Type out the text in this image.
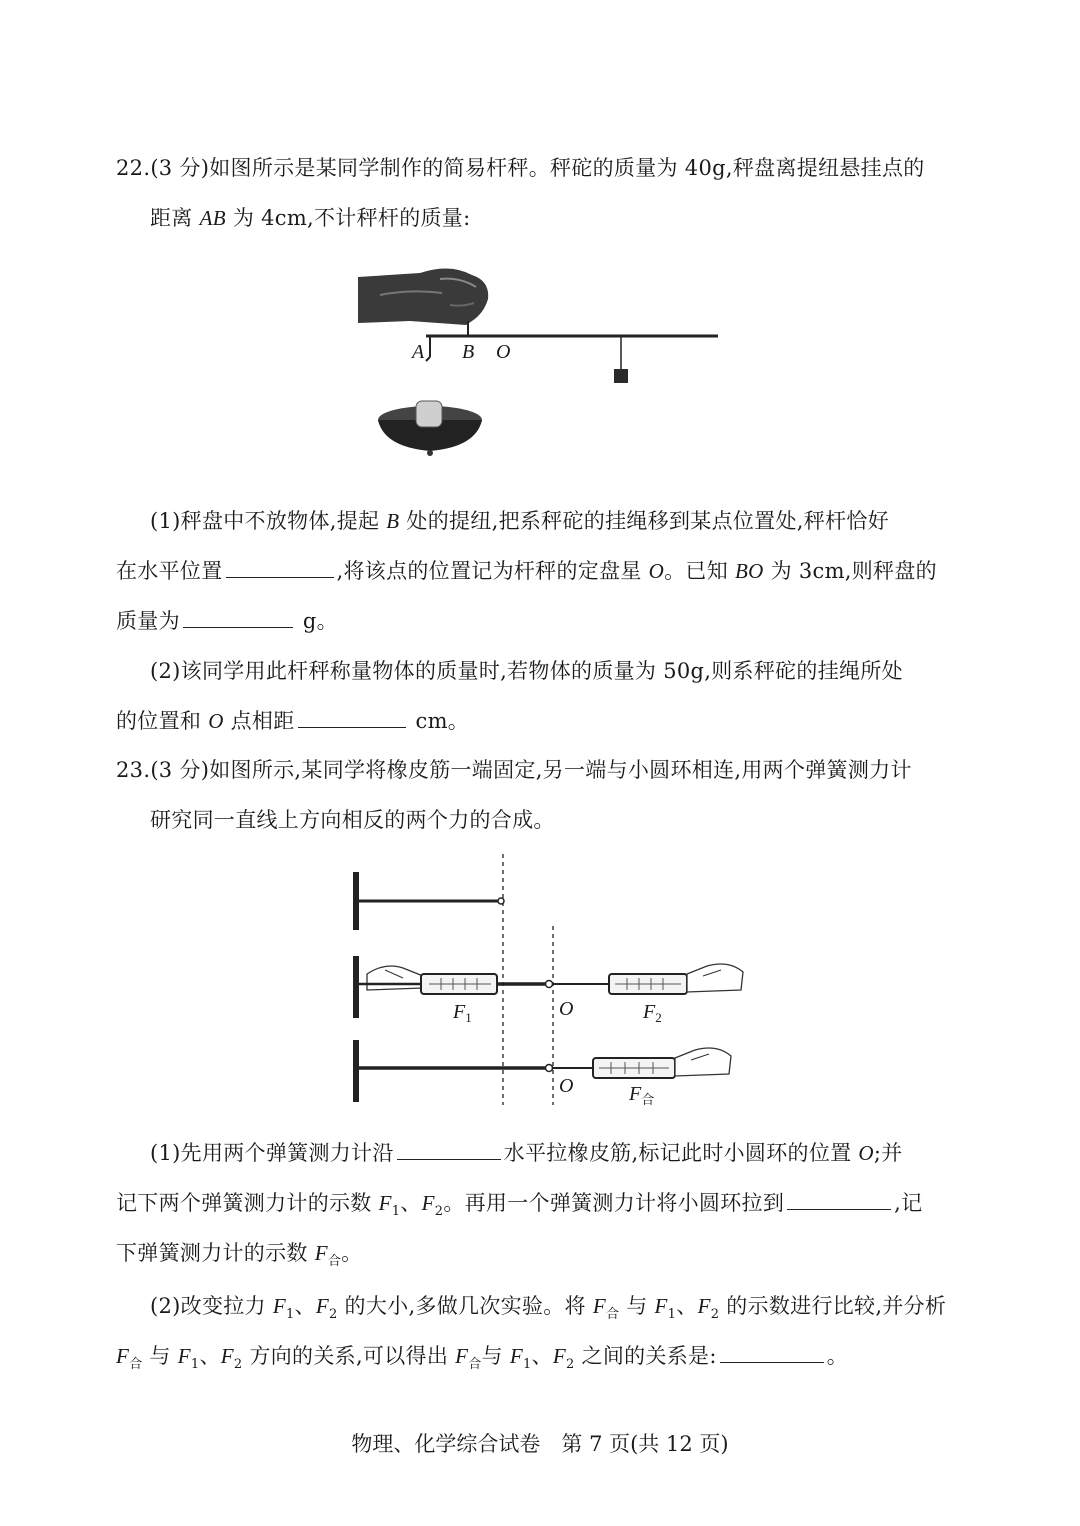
22.(3 分)如图所示是某同学制作的简易杆秤。秤砣的质量为 40g,秤盘离提纽悬挂点的
距离 AB 为 4cm,不计秤杆的质量:
A B O
(1)秤盘中不放物体,提起 B 处的提纽,把系秤砣的挂绳移到某点位置处,秤杆恰好
在水平位置	,将该点的位置记为杆秤的定盘星 O。已知 BO 为 3cm,则秤盘的
质量为	g。
(2)该同学用此杆秤称量物体的质量时,若物体的质量为 50g,则系秤砣的挂绳所处
的位置和 O 点相距	cm。
23.(3 分)如图所示,某同学将橡皮筋一端固定,另一端与小圆环相连,用两个弹簧测力计
研究同一直线上方向相反的两个力的合成。
$F_1$	O	$F_2$
O	$F_合$
(1)先用两个弹簧测力计沿	水平拉橡皮筋,标记此时小圆环的位置 O;并
记下两个弹簧测力计的示数 $F_1$、$F_2$。再用一个弹簧测力计将小圆环拉到	,记
下弹簧测力计的示数 $F_合$。
(2)改变拉力 $F_1$、$F_2$ 的大小,多做几次实验。将 $F_合$ 与 $F_1$、$F_2$ 的示数进行比较,并分析
$F_合$ 与 $F_1$、$F_2$ 方向的关系,可以得出 $F_合$与 $F_1$、$F_2$ 之间的关系是:	。
物理、化学综合试卷　第 7 页(共 12 页)
